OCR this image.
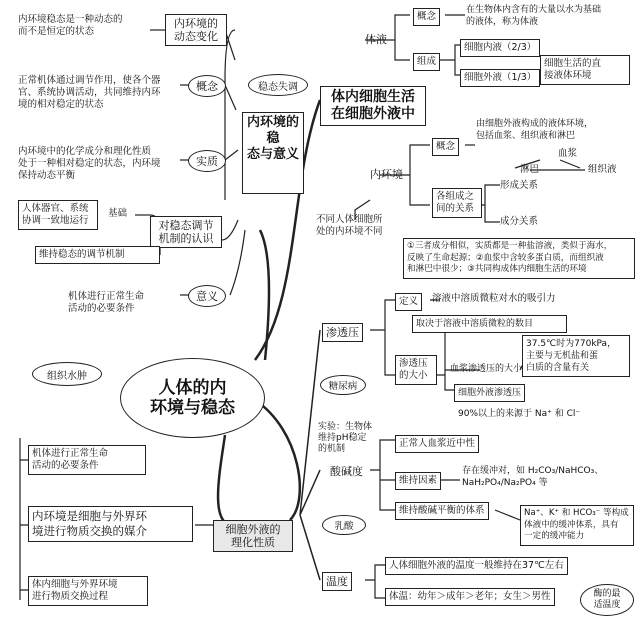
人体的内
环境与稳态
组织水肿
稳态失调
内环境的稳
态与意义
内环境稳态是一种动态的
而不是恒定的状态
内环境的
动态变化
正常机体通过调节作用，使各个器
官、系统协调活动，共同维持内环
境的相对稳定的状态
概念
内环境中的化学成分和理化性质
处于一种相对稳定的状态，内环境
保持动态平衡
实质
人体器官、系统
协调一致地运行
基础
对稳态调节
机制的认识
维持稳态的调节机制
机体进行正常生命
活动的必要条件
意义
体内细胞生活
在细胞外液中
体液
概念
在生物体内含有的大量以水为基础
的液体，称为体液
组成
细胞内液（2/3）
细胞外液（1/3）
细胞生活的直
接液体环境
内环境
概念
由细胞外液构成的液体环境，
包括血浆、组织液和淋巴
各组成之
间的关系
血浆
淋巴	组织液
形成关系
成分关系
不同人体细胞所
处的内环境不同
①三者成分相似，实质都是一种盐溶液，类似于海水，
反映了生命起源；②血浆中含较多蛋白质，而组织液
和淋巴中很少；③共同构成体内细胞生活的环境
细胞外液的
理化性质
渗透压
定义	溶液中溶质微粒对水的吸引力
渗透压
的大小
取决于溶液中溶质微粒的数目
血浆渗透压的大小
37.5℃时为770kPa，
主要与无机盐和蛋
白质的含量有关
细胞外液渗透压
90%以上的来源于 Na⁺ 和 Cl⁻
糖尿病
实验：生物体
维持pH稳定
的机制
酸碱度
正常人血浆近中性
维持因素
存在缓冲对，如 H₂CO₃/NaHCO₃、
NaH₂PO₄/Na₂PO₄ 等
维持酸碱平衡的体系	Na⁺、K⁺ 和 HCO₃⁻ 等构成
体液中的缓冲体系，具有
一定的缓冲能力
乳酸
温度
人体细胞外液的温度一般维持在37℃左右
体温：幼年＞成年＞老年；女生＞男性	酶的最
适温度
机体进行正常生命
活动的必要条件
内环境是细胞与外界环
境进行物质交换的媒介
体内细胞与外界环境
进行物质交换过程
